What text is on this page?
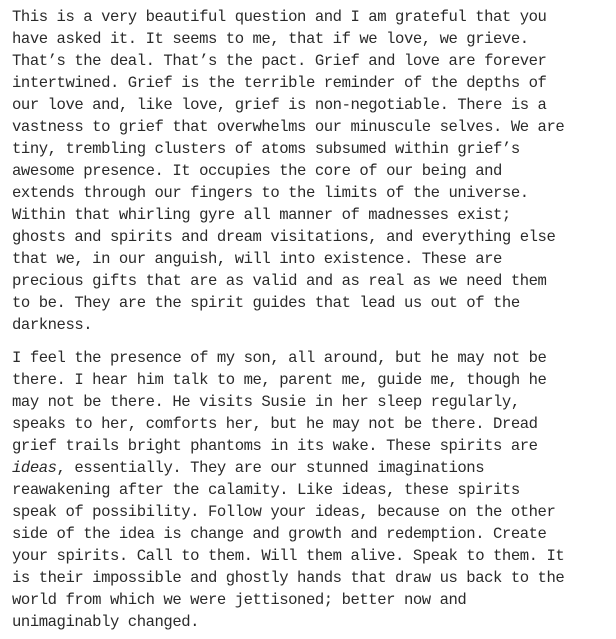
This is a very beautiful question and I am grateful that you
have asked it. It seems to me, that if we love, we grieve.
That’s the deal. That’s the pact. Grief and love are forever
intertwined. Grief is the terrible reminder of the depths of
our love and, like love, grief is non-negotiable. There is a
vastness to grief that overwhelms our minuscule selves. We are
tiny, trembling clusters of atoms subsumed within grief’s
awesome presence. It occupies the core of our being and
extends through our fingers to the limits of the universe.
Within that whirling gyre all manner of madnesses exist;
ghosts and spirits and dream visitations, and everything else
that we, in our anguish, will into existence. These are
precious gifts that are as valid and as real as we need them
to be. They are the spirit guides that lead us out of the
darkness.

I feel the presence of my son, all around, but he may not be
there. I hear him talk to me, parent me, guide me, though he
may not be there. He visits Susie in her sleep regularly,
speaks to her, comforts her, but he may not be there. Dread
grief trails bright phantoms in its wake. These spirits are
ideas, essentially. They are our stunned imaginations
reawakening after the calamity. Like ideas, these spirits
speak of possibility. Follow your ideas, because on the other
side of the idea is change and growth and redemption. Create
your spirits. Call to them. Will them alive. Speak to them. It
is their impossible and ghostly hands that draw us back to the
world from which we were jettisoned; better now and
unimaginably changed.
